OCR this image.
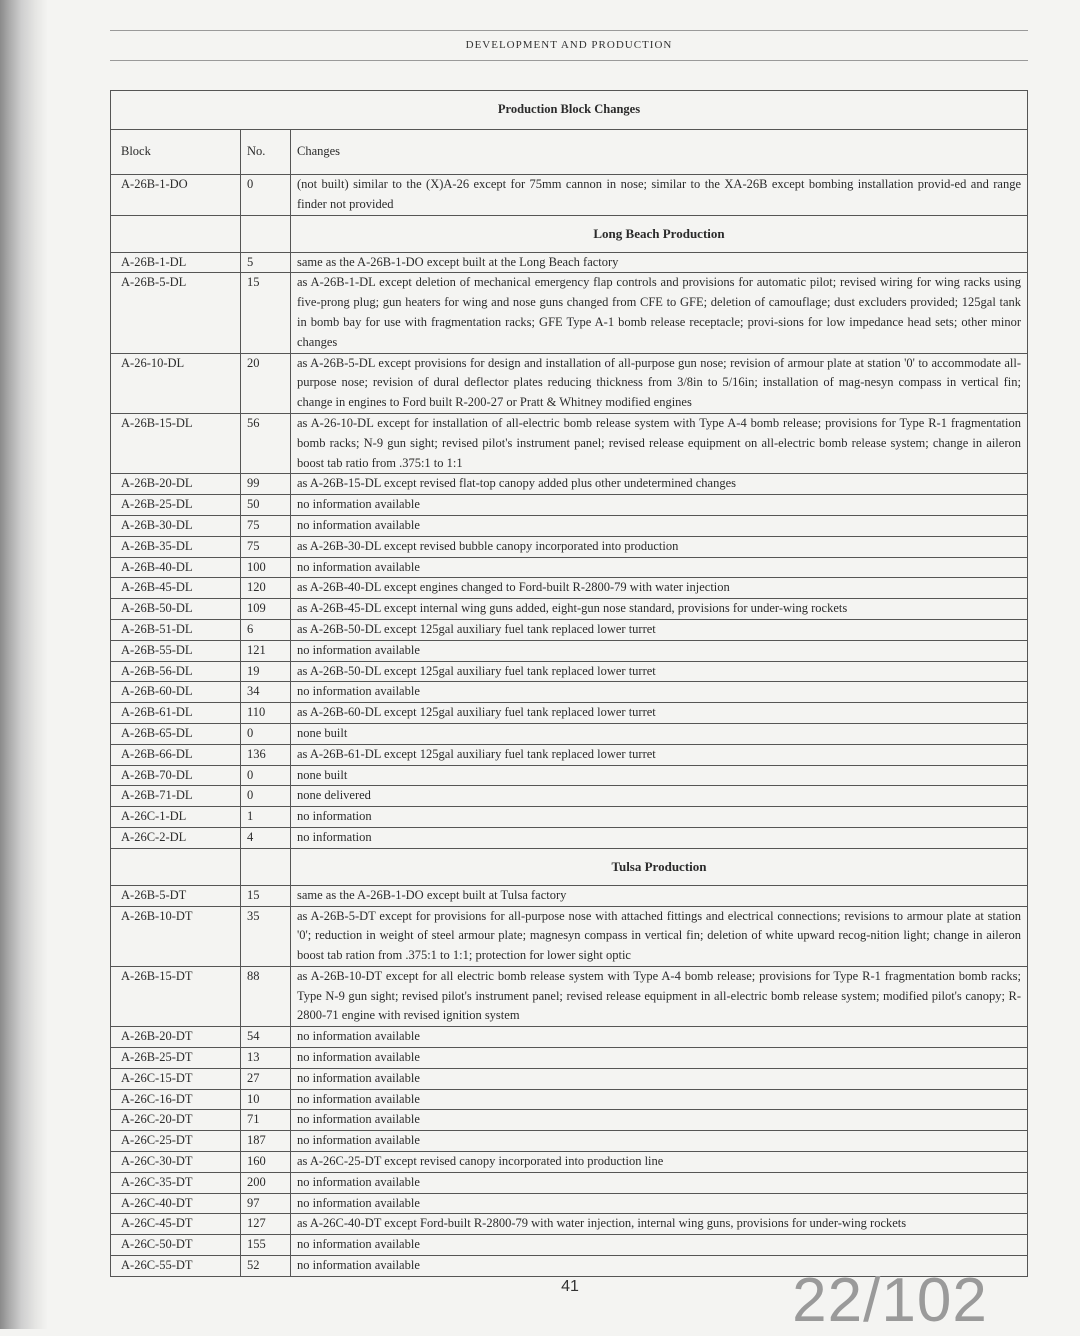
DEVELOPMENT AND PRODUCTION
Production Block Changes		
Block	No.	Changes
A-26B-1-DO	0	(not built) similar to the (X)A-26 except for 75mm cannon in nose; similar to the XA-26B except bombing installation provid-ed and range finder not provided
		Long Beach Production
A-26B-1-DL	5	same as the A-26B-1-DO except built at the Long Beach factory
A-26B-5-DL	15	as A-26B-1-DL except deletion of mechanical emergency flap controls and provisions for automatic pilot; revised wiring for wing racks using five-prong plug; gun heaters for wing and nose guns changed from CFE to GFE; deletion of camouflage; dust excluders provided; 125gal tank in bomb bay for use with fragmentation racks; GFE Type A-1 bomb release receptacle; provi-sions for low impedance head sets; other minor changes
A-26-10-DL	20	as A-26B-5-DL except provisions for design and installation of all-purpose gun nose; revision of armour plate at station '0' to accommodate all-purpose nose; revision of dural deflector plates reducing thickness from 3/8in to 5/16in; installation of mag-nesyn compass in vertical fin; change in engines to Ford built R-200-27 or Pratt & Whitney modified engines
A-26B-15-DL	56	as A-26-10-DL except for installation of all-electric bomb release system with Type A-4 bomb release; provisions for Type R-1 fragmentation bomb racks; N-9 gun sight; revised pilot's instrument panel; revised release equipment on all-electric bomb release system; change in aileron boost tab ratio from .375:1 to 1:1
A-26B-20-DL	99	as A-26B-15-DL except revised flat-top canopy added plus other undetermined changes
A-26B-25-DL	50	no information available
A-26B-30-DL	75	no information available
A-26B-35-DL	75	as A-26B-30-DL except revised bubble canopy incorporated into production
A-26B-40-DL	100	no information available
A-26B-45-DL	120	as A-26B-40-DL except engines changed to Ford-built R-2800-79 with water injection
A-26B-50-DL	109	as A-26B-45-DL except internal wing guns added, eight-gun nose standard, provisions for under-wing rockets
A-26B-51-DL	6	as A-26B-50-DL except 125gal auxiliary fuel tank replaced lower turret
A-26B-55-DL	121	no information available
A-26B-56-DL	19	as A-26B-50-DL except 125gal auxiliary fuel tank replaced lower turret
A-26B-60-DL	34	no information available
A-26B-61-DL	110	as A-26B-60-DL except 125gal auxiliary fuel tank replaced lower turret
A-26B-65-DL	0	none built
A-26B-66-DL	136	as A-26B-61-DL except 125gal auxiliary fuel tank replaced lower turret
A-26B-70-DL	0	none built
A-26B-71-DL	0	none delivered
A-26C-1-DL	1	no information
A-26C-2-DL	4	no information
		Tulsa Production
A-26B-5-DT	15	same as the A-26B-1-DO except built at Tulsa factory
A-26B-10-DT	35	as A-26B-5-DT except for provisions for all-purpose nose with attached fittings and electrical connections; revisions to armour plate at station '0'; reduction in weight of steel armour plate; magnesyn compass in vertical fin; deletion of white upward recog-nition light; change in aileron boost tab ration from .375:1 to 1:1; protection for lower sight optic
A-26B-15-DT	88	as A-26B-10-DT except for all electric bomb release system with Type A-4 bomb release; provisions for Type R-1 fragmentation bomb racks; Type N-9 gun sight; revised pilot's instrument panel; revised release equipment in all-electric bomb release system; modified pilot's canopy; R-2800-71 engine with revised ignition system
A-26B-20-DT	54	no information available
A-26B-25-DT	13	no information available
A-26C-15-DT	27	no information available
A-26C-16-DT	10	no information available
A-26C-20-DT	71	no information available
A-26C-25-DT	187	no information available
A-26C-30-DT	160	as A-26C-25-DT except revised canopy incorporated into production line
A-26C-35-DT	200	no information available
A-26C-40-DT	97	no information available
A-26C-45-DT	127	as A-26C-40-DT except Ford-built R-2800-79 with water injection, internal wing guns, provisions for under-wing rockets
A-26C-50-DT	155	no information available
A-26C-55-DT	52	no information available
41	22/102
